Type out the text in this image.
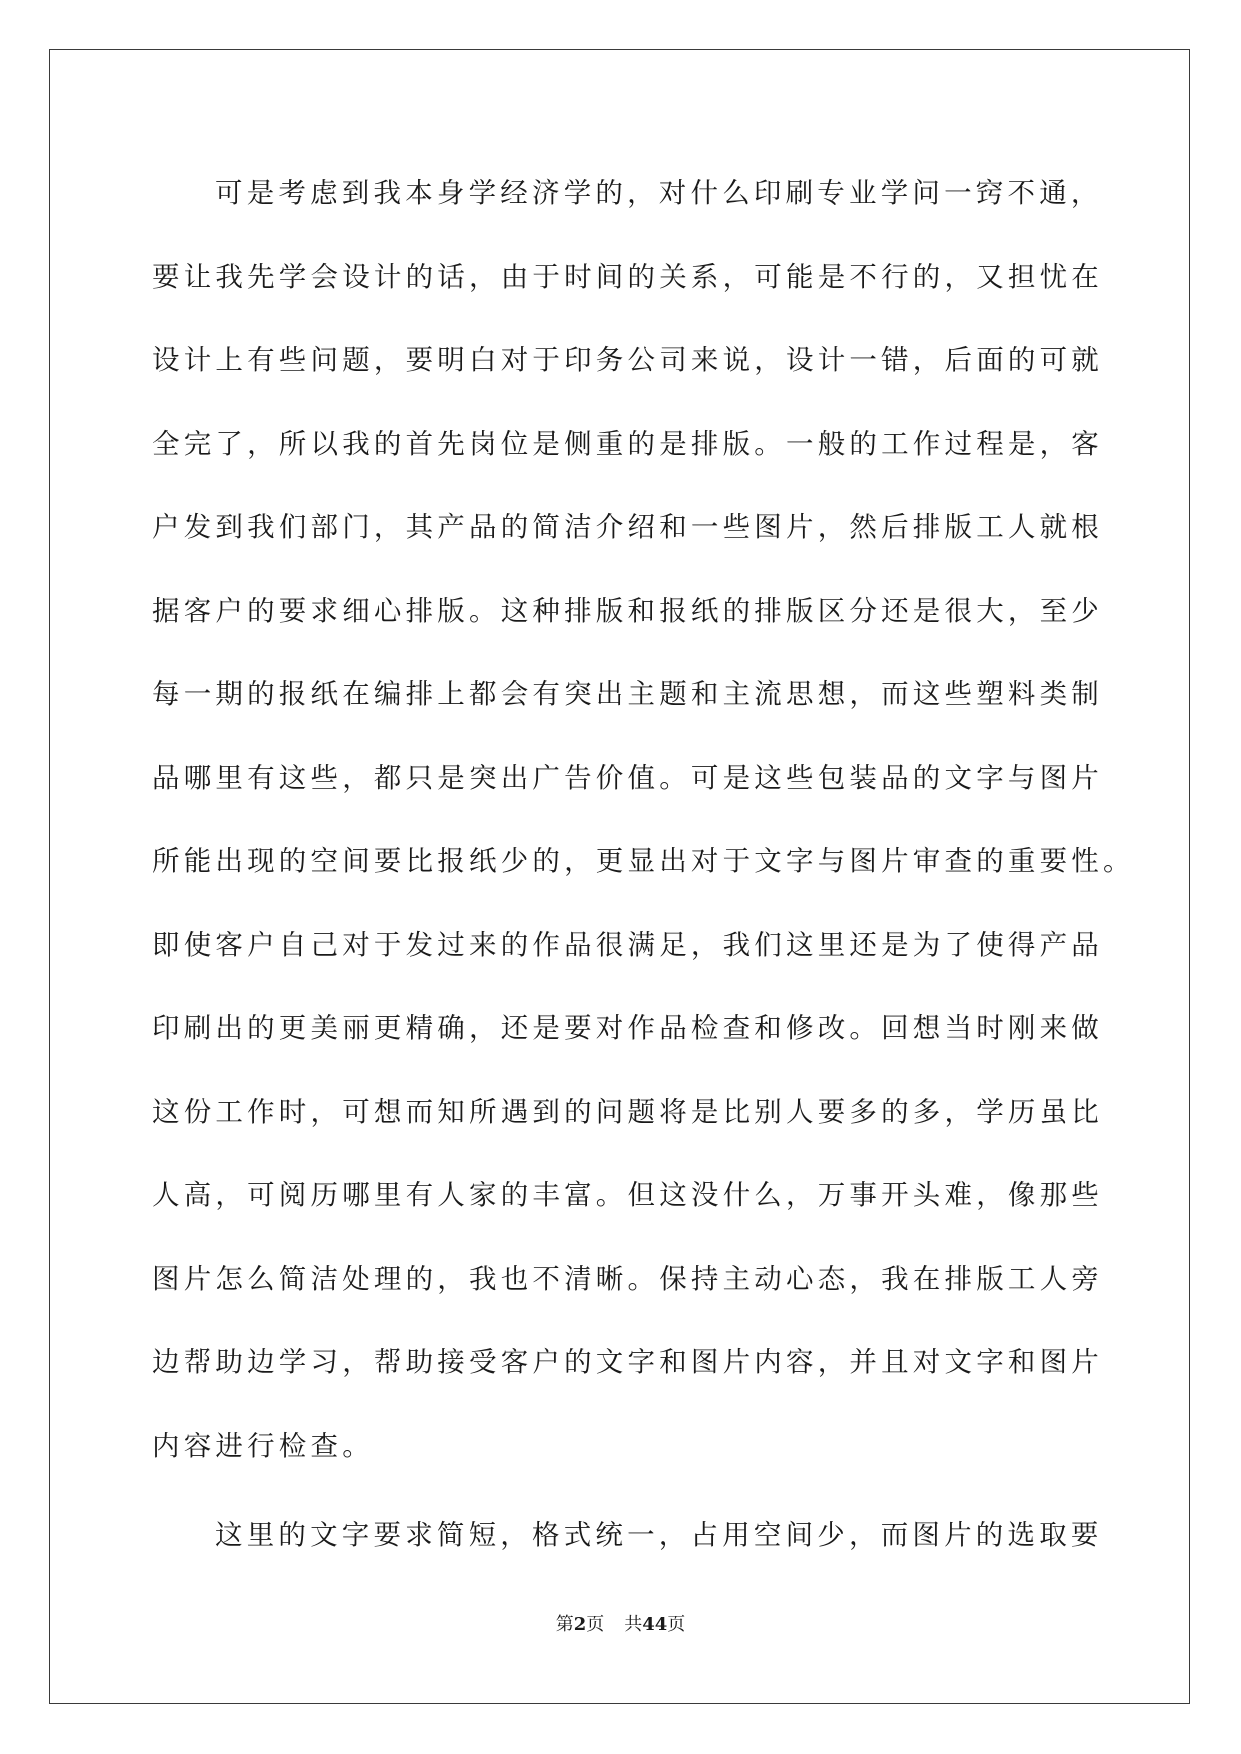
可是考虑到我本身学经济学的，对什么印刷专业学问一窍不通，
要让我先学会设计的话，由于时间的关系，可能是不行的，又担忧在
设计上有些问题，要明白对于印务公司来说，设计一错，后面的可就
全完了，所以我的首先岗位是侧重的是排版。一般的工作过程是，客
户发到我们部门，其产品的简洁介绍和一些图片，然后排版工人就根
据客户的要求细心排版。这种排版和报纸的排版区分还是很大，至少
每一期的报纸在编排上都会有突出主题和主流思想，而这些塑料类制
品哪里有这些，都只是突出广告价值。可是这些包装品的文字与图片
所能出现的空间要比报纸少的，更显出对于文字与图片审查的重要性。
即使客户自己对于发过来的作品很满足，我们这里还是为了使得产品
印刷出的更美丽更精确，还是要对作品检查和修改。回想当时刚来做
这份工作时，可想而知所遇到的问题将是比别人要多的多，学历虽比
人高，可阅历哪里有人家的丰富。但这没什么，万事开头难，像那些
图片怎么简洁处理的，我也不清晰。保持主动心态，我在排版工人旁
边帮助边学习，帮助接受客户的文字和图片内容，并且对文字和图片
内容进行检查。
这里的文字要求简短，格式统一，占用空间少，而图片的选取要
第2页 共44页
